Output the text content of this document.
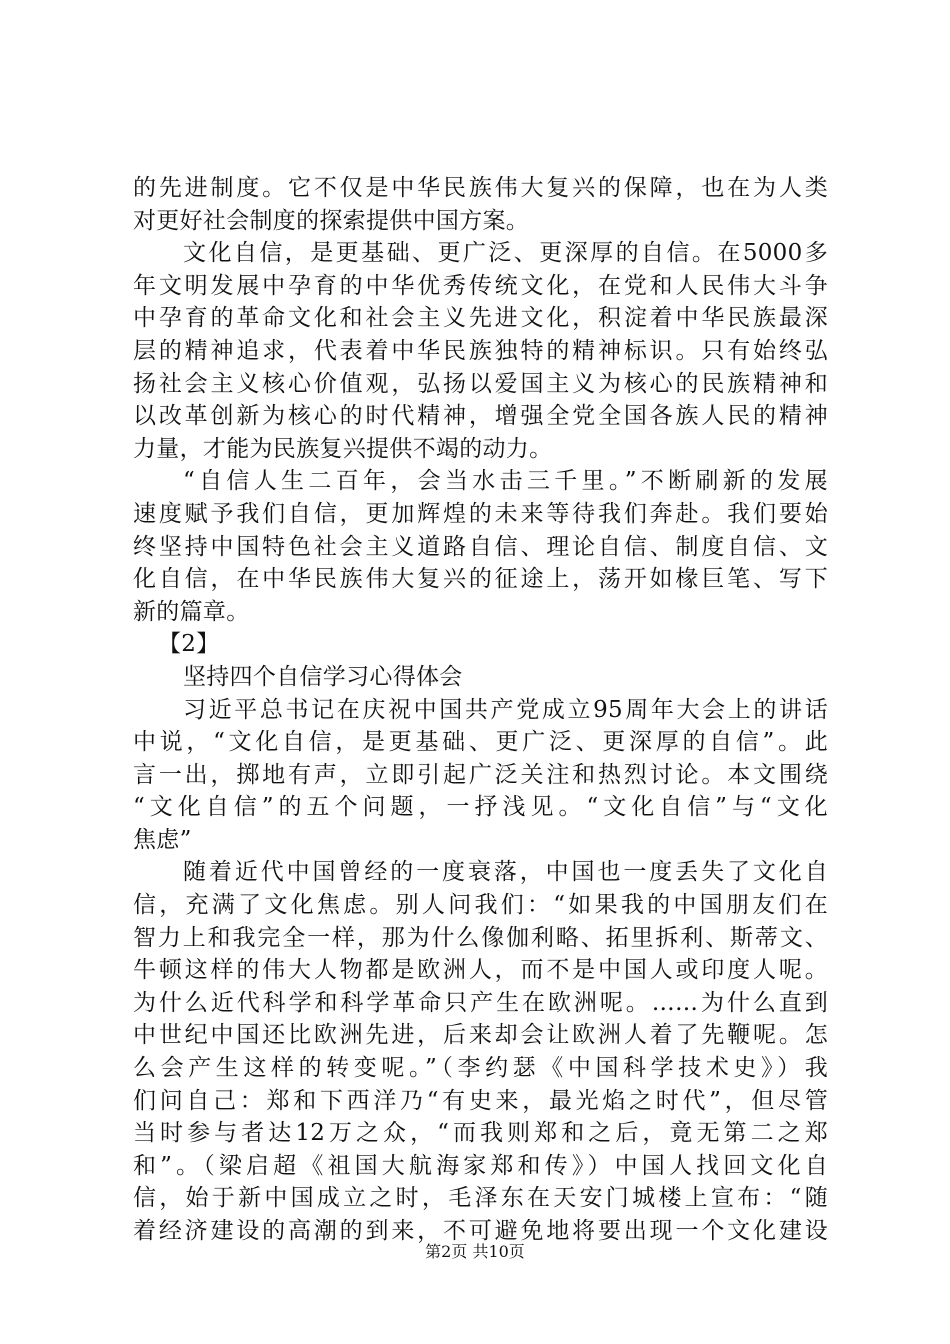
的先进制度。它不仅是中华民族伟大复兴的保障，也在为人类
对更好社会制度的探索提供中国方案。
文化自信，是更基础、更广泛、更深厚的自信。在5000多
年文明发展中孕育的中华优秀传统文化，在党和人民伟大斗争
中孕育的革命文化和社会主义先进文化，积淀着中华民族最深
层的精神追求，代表着中华民族独特的精神标识。只有始终弘
扬社会主义核心价值观，弘扬以爱国主义为核心的民族精神和
以改革创新为核心的时代精神，增强全党全国各族人民的精神
力量，才能为民族复兴提供不竭的动力。
“自信人生二百年，会当水击三千里。”不断刷新的发展
速度赋予我们自信，更加辉煌的未来等待我们奔赴。我们要始
终坚持中国特色社会主义道路自信、理论自信、制度自信、文
化自信，在中华民族伟大复兴的征途上，荡开如椽巨笔、写下
新的篇章。
【2】
坚持四个自信学习心得体会
习近平总书记在庆祝中国共产党成立95周年大会上的讲话
中说，“文化自信，是更基础、更广泛、更深厚的自信”。此
言一出，掷地有声，立即引起广泛关注和热烈讨论。本文围绕
“文化自信”的五个问题，一抒浅见。“文化自信”与“文化
焦虑”
随着近代中国曾经的一度衰落，中国也一度丢失了文化自
信，充满了文化焦虑。别人问我们：“如果我的中国朋友们在
智力上和我完全一样，那为什么像伽利略、拓里拆利、斯蒂文、
牛顿这样的伟大人物都是欧洲人，而不是中国人或印度人呢。
为什么近代科学和科学革命只产生在欧洲呢。……为什么直到
中世纪中国还比欧洲先进，后来却会让欧洲人着了先鞭呢。怎
么会产生这样的转变呢。”（李约瑟《中国科学技术史》）我
们问自己：郑和下西洋乃“有史来，最光焰之时代”，但尽管
当时参与者达12万之众，“而我则郑和之后，竟无第二之郑
和”。（梁启超《祖国大航海家郑和传》）中国人找回文化自
信，始于新中国成立之时，毛泽东在天安门城楼上宣布：“随
着经济建设的高潮的到来，不可避免地将要出现一个文化建设
第2页 共10页
